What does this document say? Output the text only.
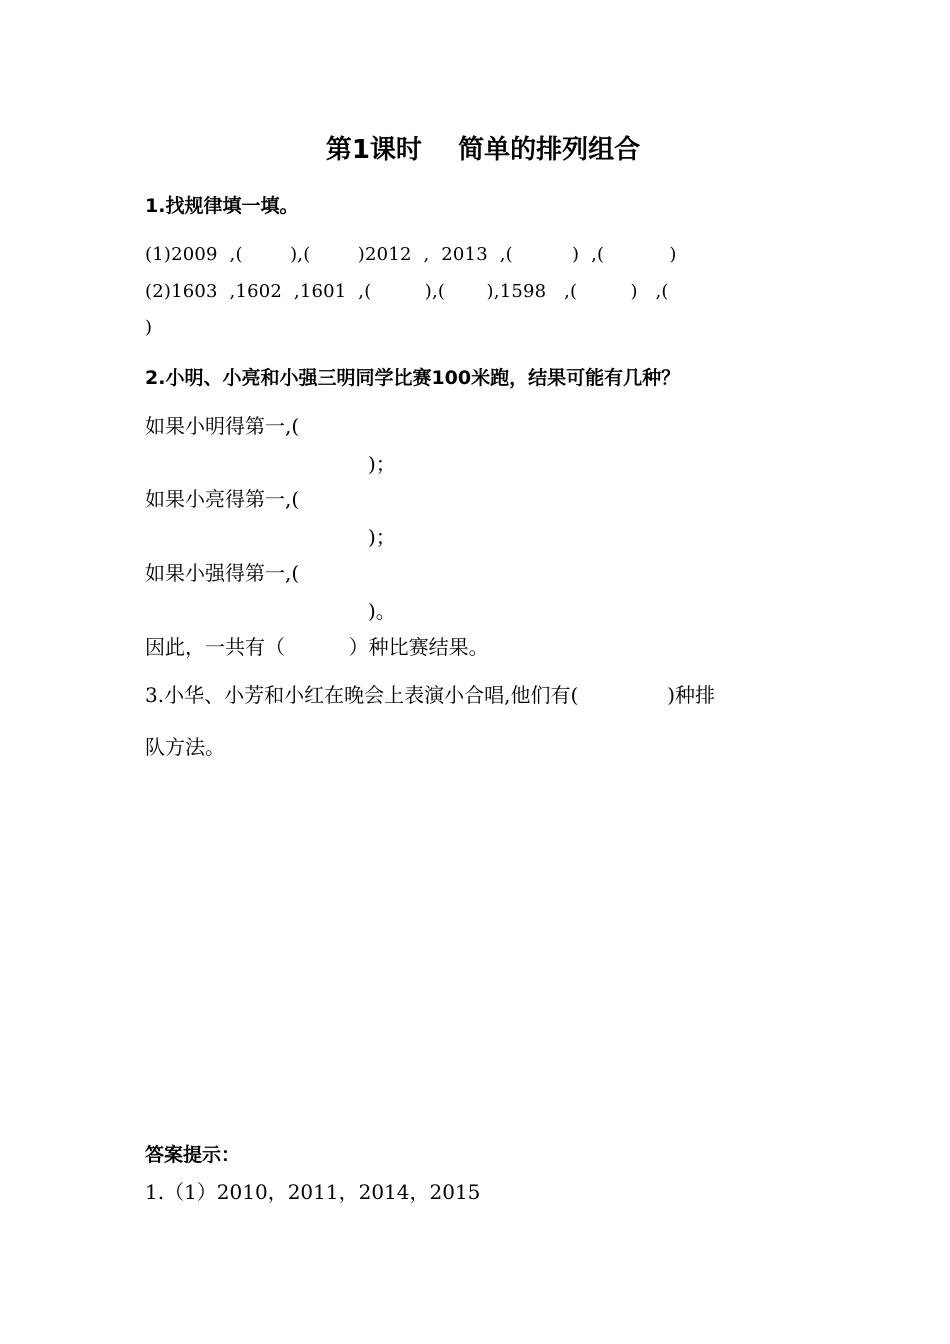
第1课时    简单的排列组合
1.找规律填一填。
(1)2009  ,(        ),(        )2012  ,  2013  ,(          )  ,(           )
(2)1603  ,1602  ,1601  ,(         ),(       ),1598   ,(         )   ,(
)
2.小明、小亮和小强三明同学比赛100米跑，结果可能有几种？
如果小明得第一,(
)；
如果小亮得第一,(
)；
如果小强得第一,(
)。
因此，一共有（          ）种比赛结果。
3.小华、小芳和小红在晚会上表演小合唱,他们有(              )种排
队方法。
答案提示：
1.（1）2010，2011，2014，2015
